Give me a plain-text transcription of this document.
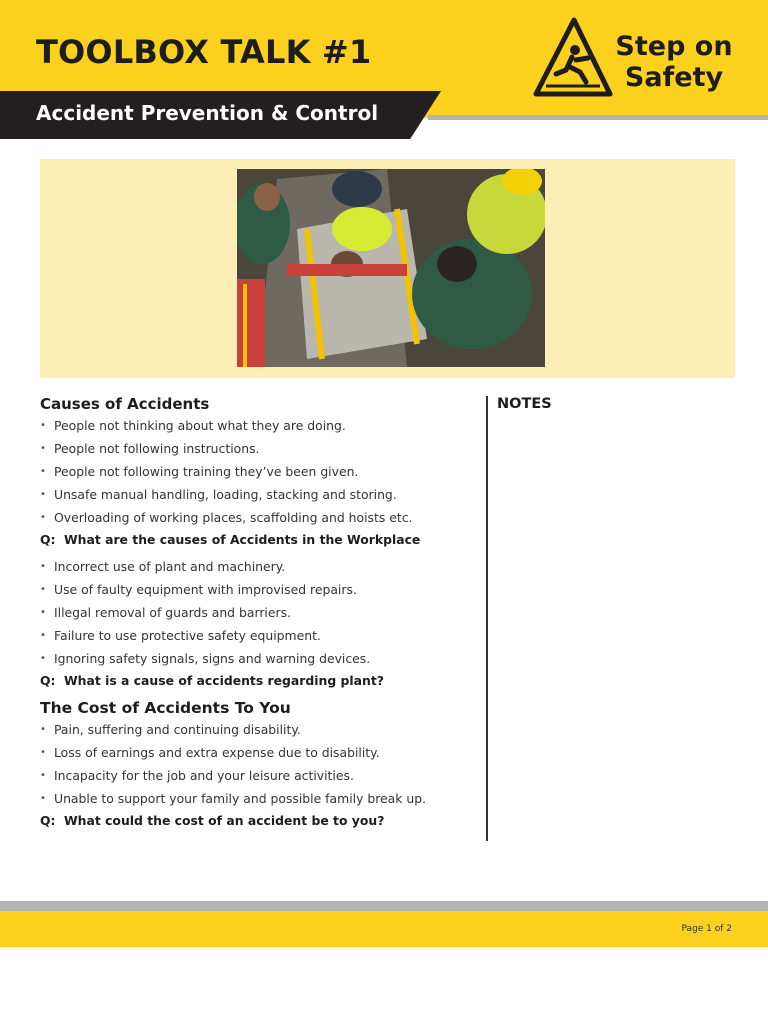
TOOLBOX TALK #1
Accident Prevention & Control
Step on
Safety
Causes of Accidents
• People not thinking about what they are doing.
• People not following instructions.
• People not following training they’ve been given.
• Unsafe manual handling, loading, stacking and storing.
• Overloading of working places, scaffolding and hoists etc.
Q: What are the causes of Accidents in the Workplace
• Incorrect use of plant and machinery.
• Use of faulty equipment with improvised repairs.
• Illegal removal of guards and barriers.
• Failure to use protective safety equipment.
• Ignoring safety signals, signs and warning devices.
Q: What is a cause of accidents regarding plant?
The Cost of Accidents To You
• Pain, suffering and continuing disability.
• Loss of earnings and extra expense due to disability.
• Incapacity for the job and your leisure activities.
• Unable to support your family and possible family break up.
Q: What could the cost of an accident be to you?
NOTES
Page 1 of 2
